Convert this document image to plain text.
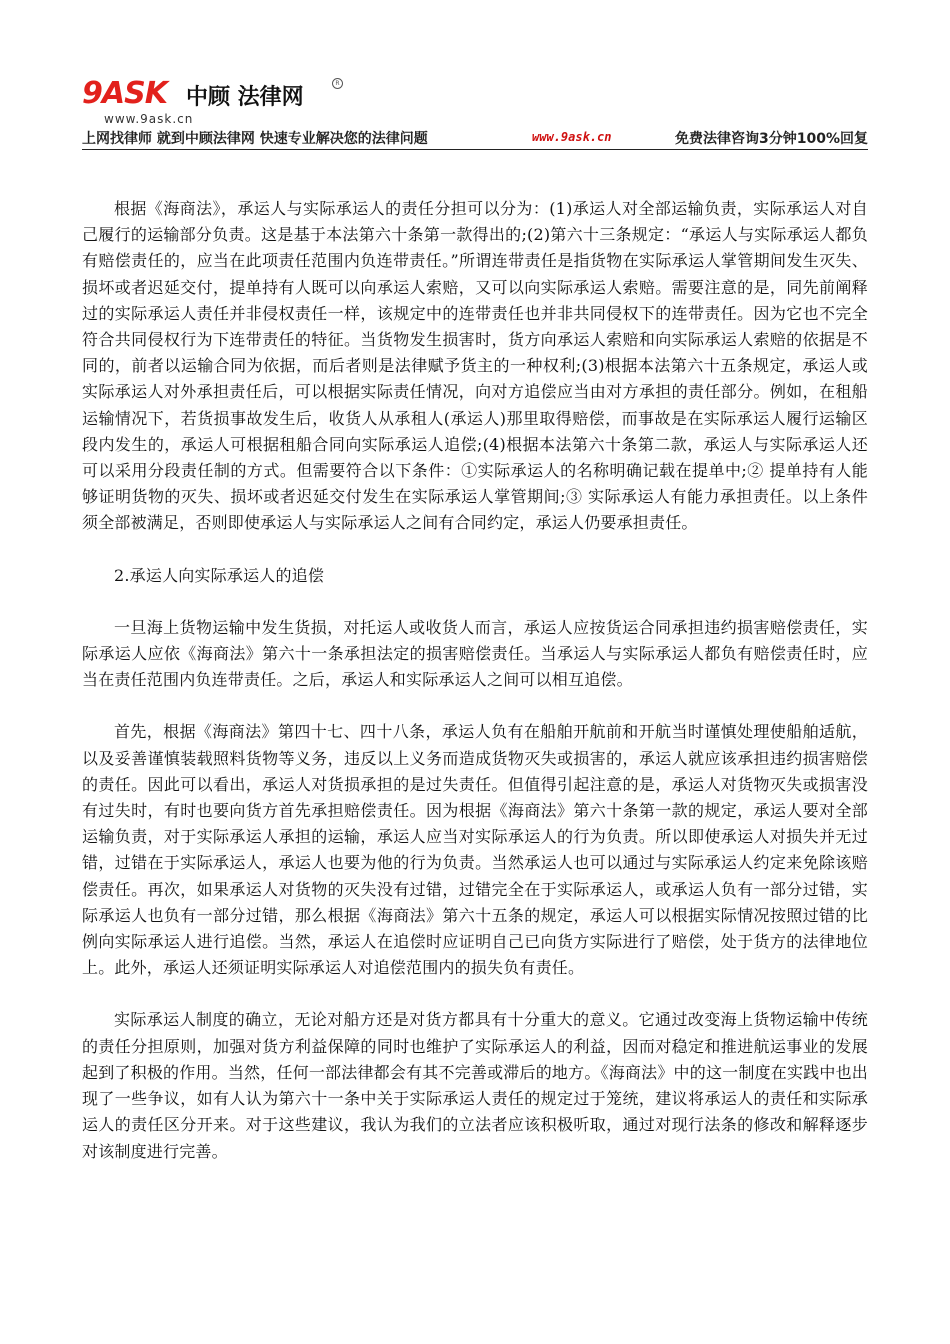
9ASK 中顾 法律网
R
www.9ask.cn
上网找律师 就到中顾法律网 快速专业解决您的法律问题	www.9ask.cn	免费法律咨询3分钟100%回复

根据《海商法》，承运人与实际承运人的责任分担可以分为：(1)承运人对全部运输负责，实际承运人对自己履行的运输部分负责。这是基于本法第六十条第一款得出的;(2)第六十三条规定：“承运人与实际承运人都负有赔偿责任的，应当在此项责任范围内负连带责任。”所谓连带责任是指货物在实际承运人掌管期间发生灭失、损坏或者迟延交付，提单持有人既可以向承运人索赔，又可以向实际承运人索赔。需要注意的是，同先前阐释过的实际承运人责任并非侵权责任一样，该规定中的连带责任也并非共同侵权下的连带责任。因为它也不完全符合共同侵权行为下连带责任的特征。当货物发生损害时，货方向承运人索赔和向实际承运人索赔的依据是不同的，前者以运输合同为依据，而后者则是法律赋予货主的一种权利;(3)根据本法第六十五条规定，承运人或实际承运人对外承担责任后，可以根据实际责任情况，向对方追偿应当由对方承担的责任部分。例如，在租船运输情况下，若货损事故发生后，收货人从承租人(承运人)那里取得赔偿，而事故是在实际承运人履行运输区段内发生的，承运人可根据租船合同向实际承运人追偿;(4)根据本法第六十条第二款，承运人与实际承运人还可以采用分段责任制的方式。但需要符合以下条件：①实际承运人的名称明确记载在提单中;② 提单持有人能够证明货物的灭失、损坏或者迟延交付发生在实际承运人掌管期间;③ 实际承运人有能力承担责任。以上条件须全部被满足，否则即使承运人与实际承运人之间有合同约定，承运人仍要承担责任。

2.承运人向实际承运人的追偿

一旦海上货物运输中发生货损，对托运人或收货人而言，承运人应按货运合同承担违约损害赔偿责任，实际承运人应依《海商法》第六十一条承担法定的损害赔偿责任。当承运人与实际承运人都负有赔偿责任时，应当在责任范围内负连带责任。之后，承运人和实际承运人之间可以相互追偿。

首先，根据《海商法》第四十七、四十八条，承运人负有在船舶开航前和开航当时谨慎处理使船舶适航，以及妥善谨慎装载照料货物等义务，违反以上义务而造成货物灭失或损害的，承运人就应该承担违约损害赔偿的责任。因此可以看出，承运人对货损承担的是过失责任。但值得引起注意的是，承运人对货物灭失或损害没有过失时，有时也要向货方首先承担赔偿责任。因为根据《海商法》第六十条第一款的规定，承运人要对全部运输负责，对于实际承运人承担的运输，承运人应当对实际承运人的行为负责。所以即使承运人对损失并无过错，过错在于实际承运人，承运人也要为他的行为负责。当然承运人也可以通过与实际承运人约定来免除该赔偿责任。再次，如果承运人对货物的灭失没有过错，过错完全在于实际承运人，或承运人负有一部分过错，实际承运人也负有一部分过错，那么根据《海商法》第六十五条的规定，承运人可以根据实际情况按照过错的比例向实际承运人进行追偿。当然，承运人在追偿时应证明自己已向货方实际进行了赔偿，处于货方的法律地位上。此外，承运人还须证明实际承运人对追偿范围内的损失负有责任。

实际承运人制度的确立，无论对船方还是对货方都具有十分重大的意义。它通过改变海上货物运输中传统的责任分担原则，加强对货方利益保障的同时也维护了实际承运人的利益，因而对稳定和推进航运事业的发展起到了积极的作用。当然，任何一部法律都会有其不完善或滞后的地方。《海商法》中的这一制度在实践中也出现了一些争议，如有人认为第六十一条中关于实际承运人责任的规定过于笼统，建议将承运人的责任和实际承运人的责任区分开来。对于这些建议，我认为我们的立法者应该积极听取，通过对现行法条的修改和解释逐步对该制度进行完善。
